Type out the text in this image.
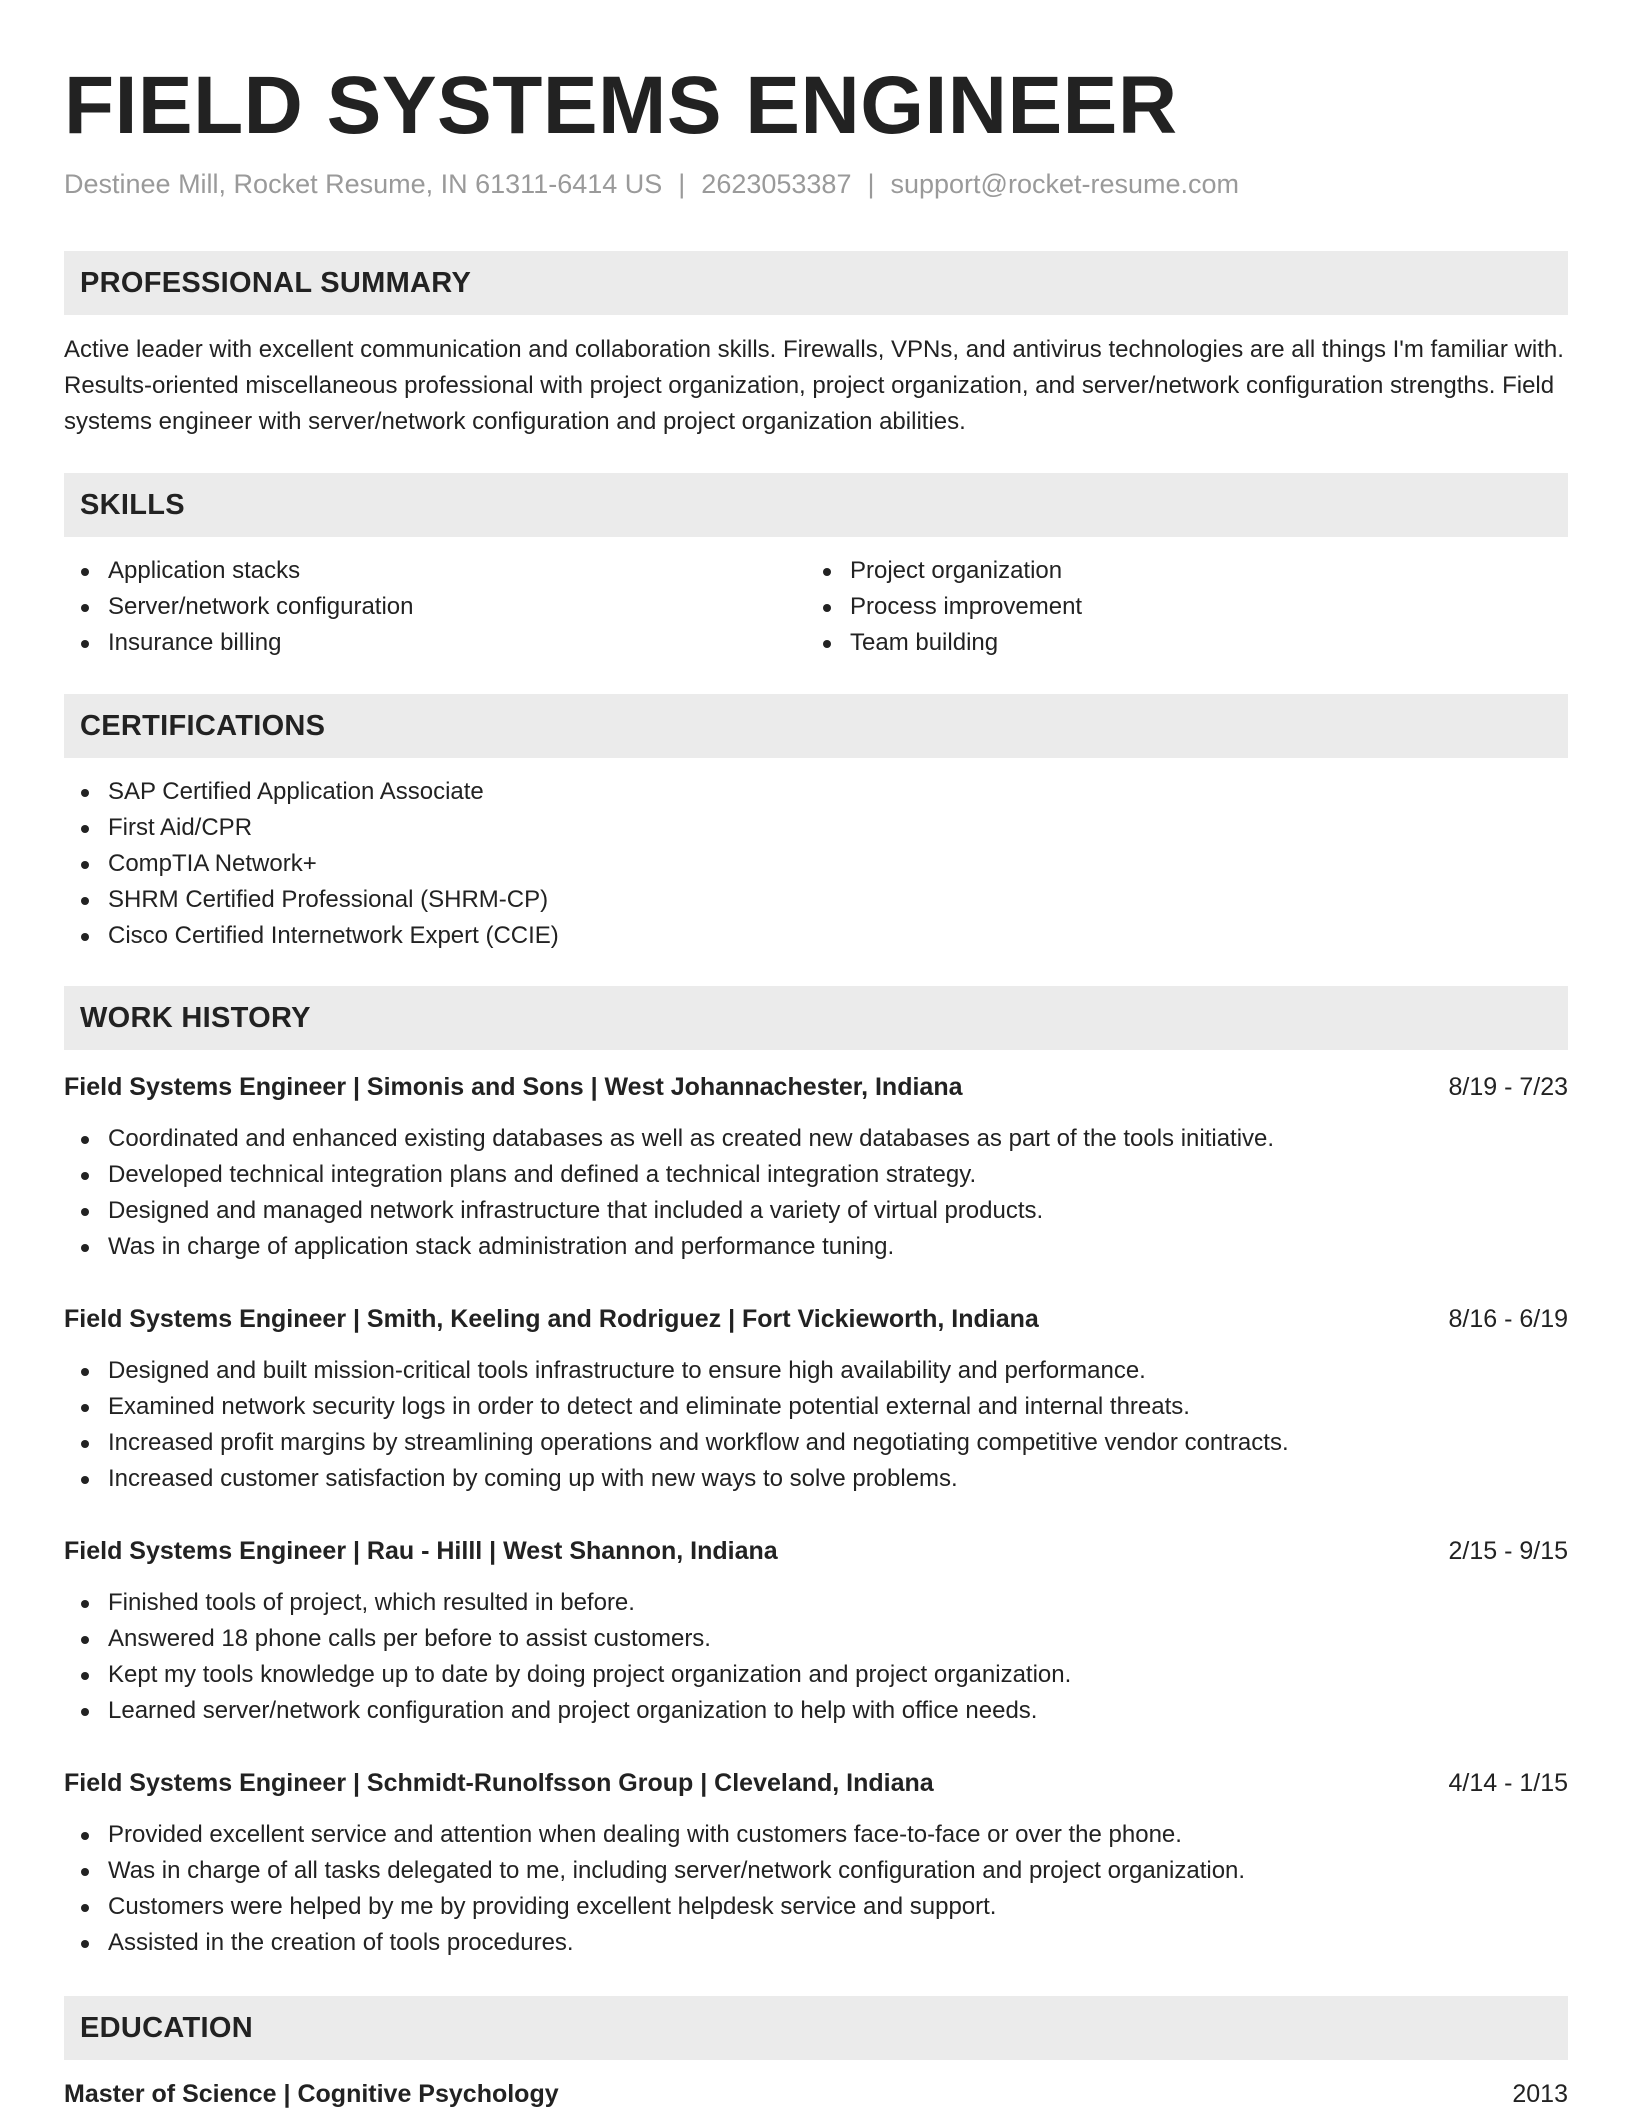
FIELD SYSTEMS ENGINEER
Destinee Mill, Rocket Resume, IN 61311-6414 US | 2623053387 | support@rocket-resume.com
PROFESSIONAL SUMMARY
Active leader with excellent communication and collaboration skills. Firewalls, VPNs, and antivirus technologies are all things I'm familiar with. Results-oriented miscellaneous professional with project organization, project organization, and server/network configuration strengths. Field systems engineer with server/network configuration and project organization abilities.
SKILLS
Application stacks
Server/network configuration
Insurance billing
Project organization
Process improvement
Team building
CERTIFICATIONS
SAP Certified Application Associate
First Aid/CPR
CompTIA Network+
SHRM Certified Professional (SHRM-CP)
Cisco Certified Internetwork Expert (CCIE)
WORK HISTORY
Field Systems Engineer | Simonis and Sons | West Johannachester, Indiana	8/19 - 7/23
Coordinated and enhanced existing databases as well as created new databases as part of the tools initiative.
Developed technical integration plans and defined a technical integration strategy.
Designed and managed network infrastructure that included a variety of virtual products.
Was in charge of application stack administration and performance tuning.
Field Systems Engineer | Smith, Keeling and Rodriguez | Fort Vickieworth, Indiana	8/16 - 6/19
Designed and built mission-critical tools infrastructure to ensure high availability and performance.
Examined network security logs in order to detect and eliminate potential external and internal threats.
Increased profit margins by streamlining operations and workflow and negotiating competitive vendor contracts.
Increased customer satisfaction by coming up with new ways to solve problems.
Field Systems Engineer | Rau - Hilll | West Shannon, Indiana	2/15 - 9/15
Finished tools of project, which resulted in before.
Answered 18 phone calls per before to assist customers.
Kept my tools knowledge up to date by doing project organization and project organization.
Learned server/network configuration and project organization to help with office needs.
Field Systems Engineer | Schmidt-Runolfsson Group | Cleveland, Indiana	4/14 - 1/15
Provided excellent service and attention when dealing with customers face-to-face or over the phone.
Was in charge of all tasks delegated to me, including server/network configuration and project organization.
Customers were helped by me by providing excellent helpdesk service and support.
Assisted in the creation of tools procedures.
EDUCATION
Master of Science | Cognitive Psychology	2013
